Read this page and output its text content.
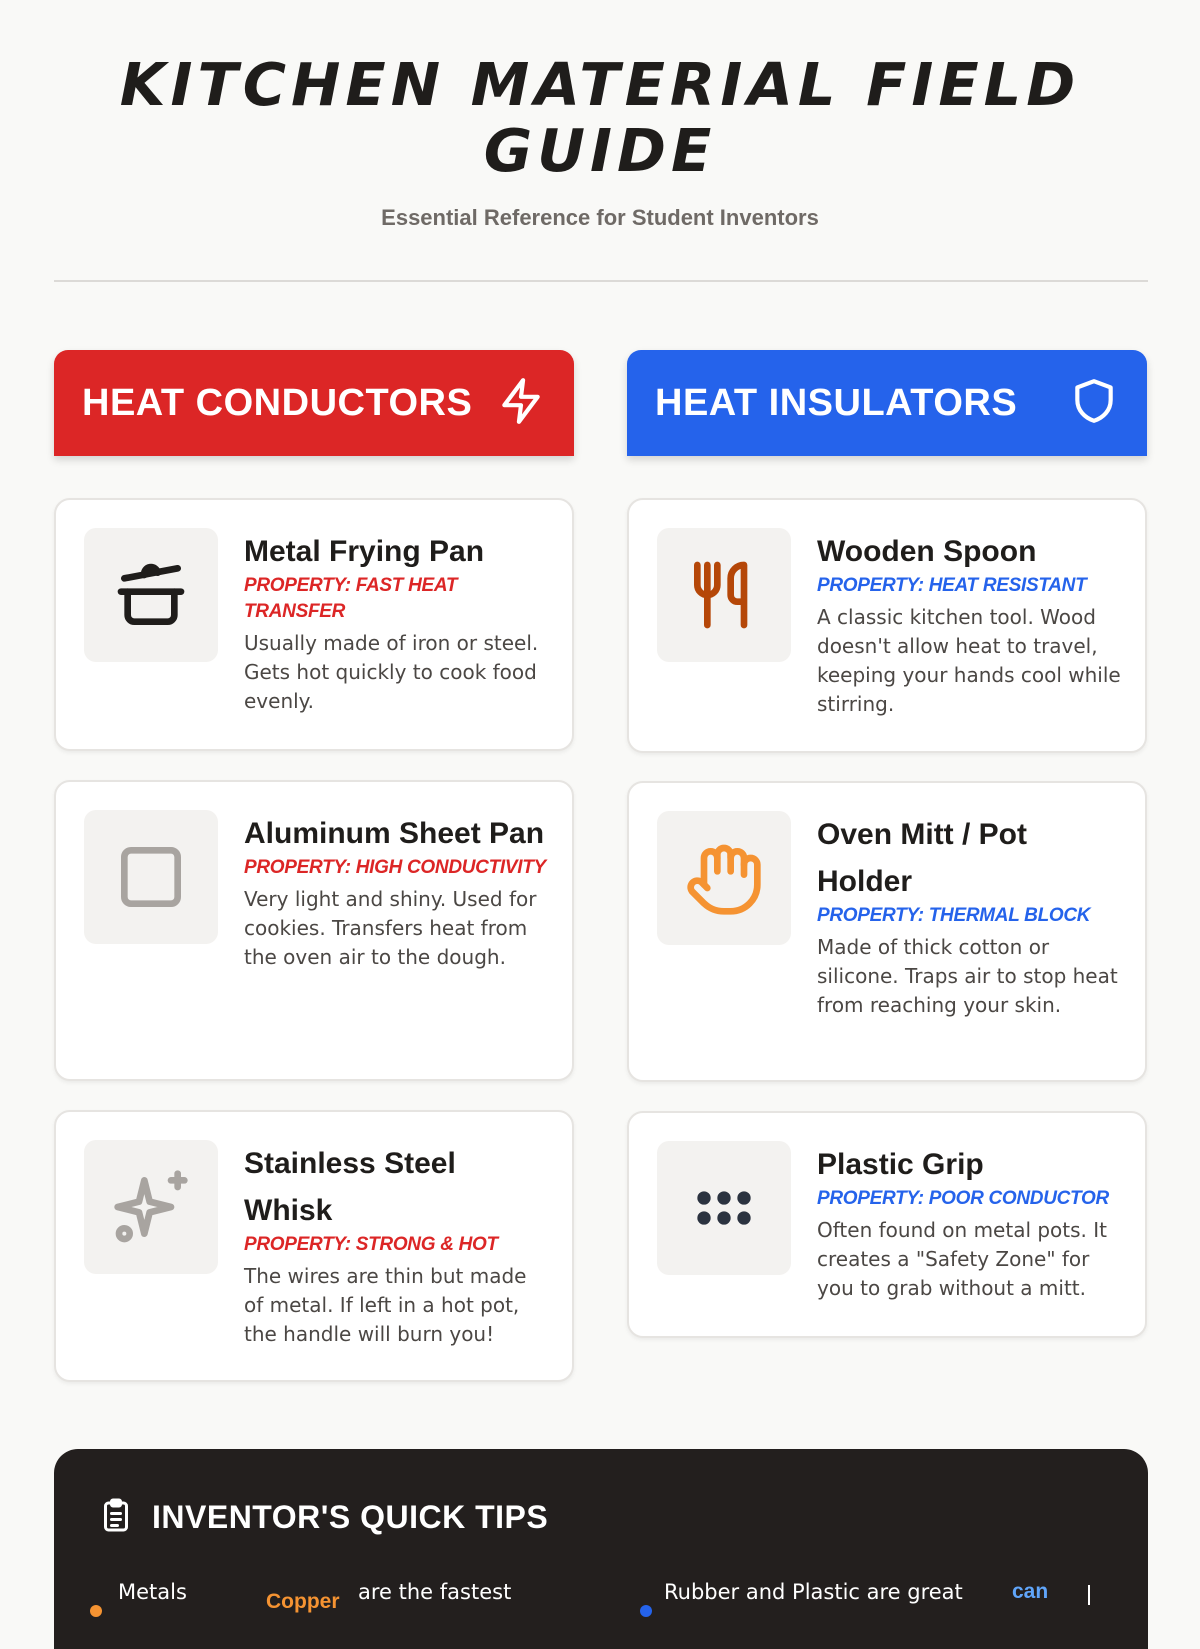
KITCHEN MATERIAL FIELD GUIDE
Essential Reference for Student Inventors
HEAT CONDUCTORS	HEAT INSULATORS
Metal Frying Pan
PROPERTY: FAST HEAT TRANSFER
Usually made of iron or steel. Gets hot quickly to cook food evenly.
Aluminum Sheet Pan
PROPERTY: HIGH CONDUCTIVITY
Very light and shiny. Used for cookies. Transfers heat from the oven air to the dough.
Stainless Steel Whisk
PROPERTY: STRONG & HOT
The wires are thin but made of metal. If left in a hot pot, the handle will burn you!
Wooden Spoon
PROPERTY: HEAT RESISTANT
A classic kitchen tool. Wood doesn't allow heat to travel, keeping your hands cool while stirring.
Oven Mitt / Pot Holder
PROPERTY: THERMAL BLOCK
Made of thick cotton or silicone. Traps air to stop heat from reaching your skin.
Plastic Grip
PROPERTY: POOR CONDUCTOR
Often found on metal pots. It creates a "Safety Zone" for you to grab without a mitt.
INVENTOR'S QUICK TIPS
Metals	Copper are the fastest	Rubber and Plastic are great can
